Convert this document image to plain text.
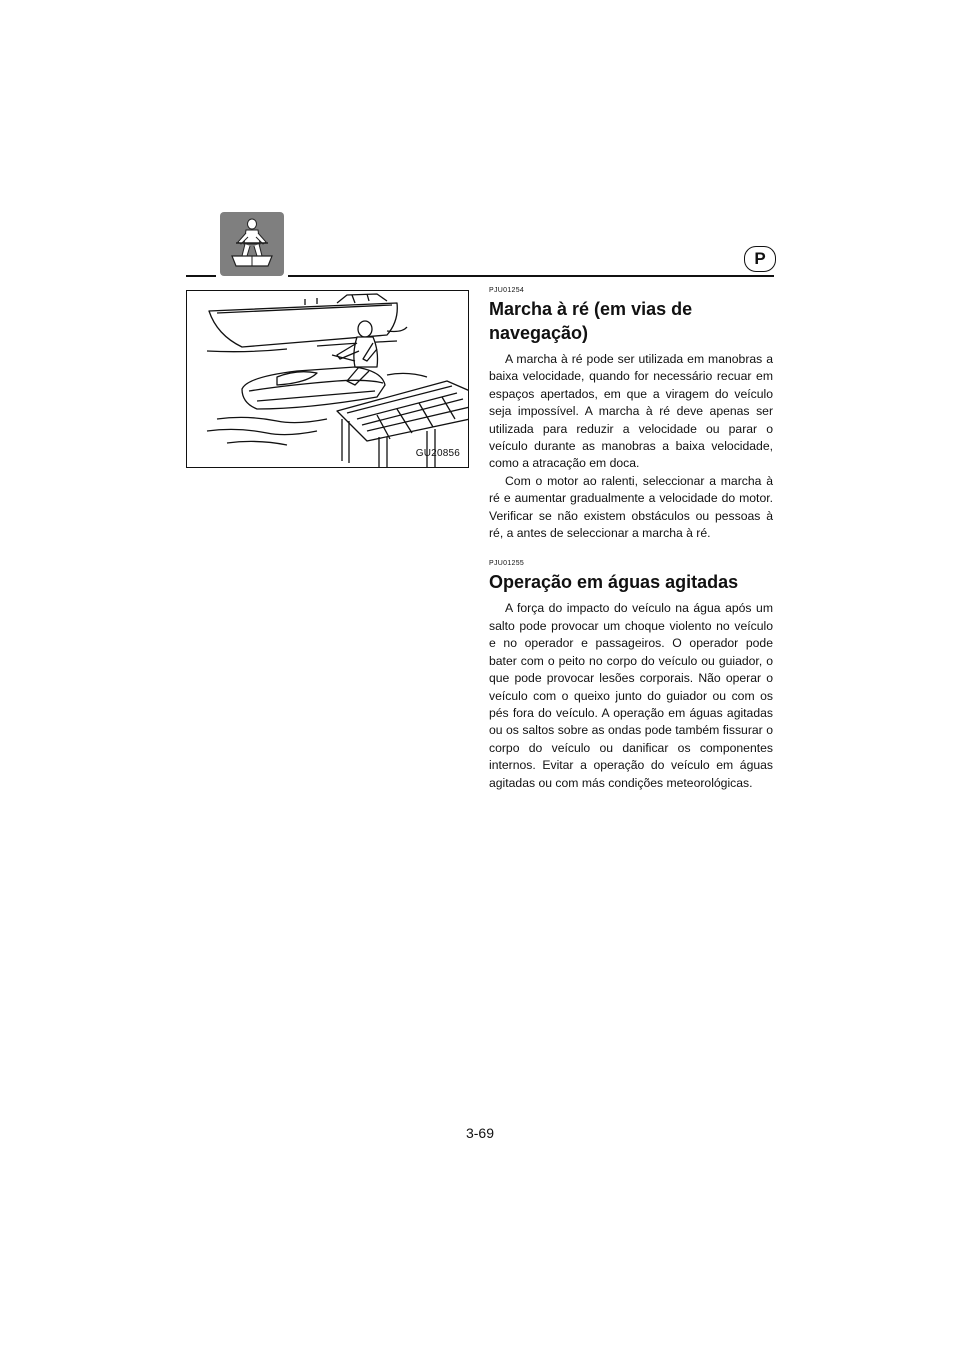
P
GU20856
PJU01254
Marcha à ré (em vias de navegação)

A marcha à ré pode ser utilizada em manobras a baixa velocidade, quando for necessário recuar em espaços apertados, em que a viragem do veículo seja impossível. A marcha à ré deve apenas ser utilizada para reduzir a velocidade ou parar o veículo durante as manobras a baixa velocidade, como a atracação em doca.

Com o motor ao ralenti, seleccionar a marcha à ré e aumentar gradualmente a velocidade do motor. Verificar se não existem obstáculos ou pessoas à ré, a antes de seleccionar a marcha à ré.

PJU01255
Operação em águas agitadas

A força do impacto do veículo na água após um salto pode provocar um choque violento no veículo e no operador e passageiros. O operador pode bater com o peito no corpo do veículo ou guiador, o que pode provocar lesões corporais. Não operar o veículo com o queixo junto do guiador ou com os pés fora do veículo. A operação em águas agitadas ou os saltos sobre as ondas pode também fissurar o corpo do veículo ou danificar os componentes internos. Evitar a operação do veículo em águas agitadas ou com más condições meteorológicas.

3-69
